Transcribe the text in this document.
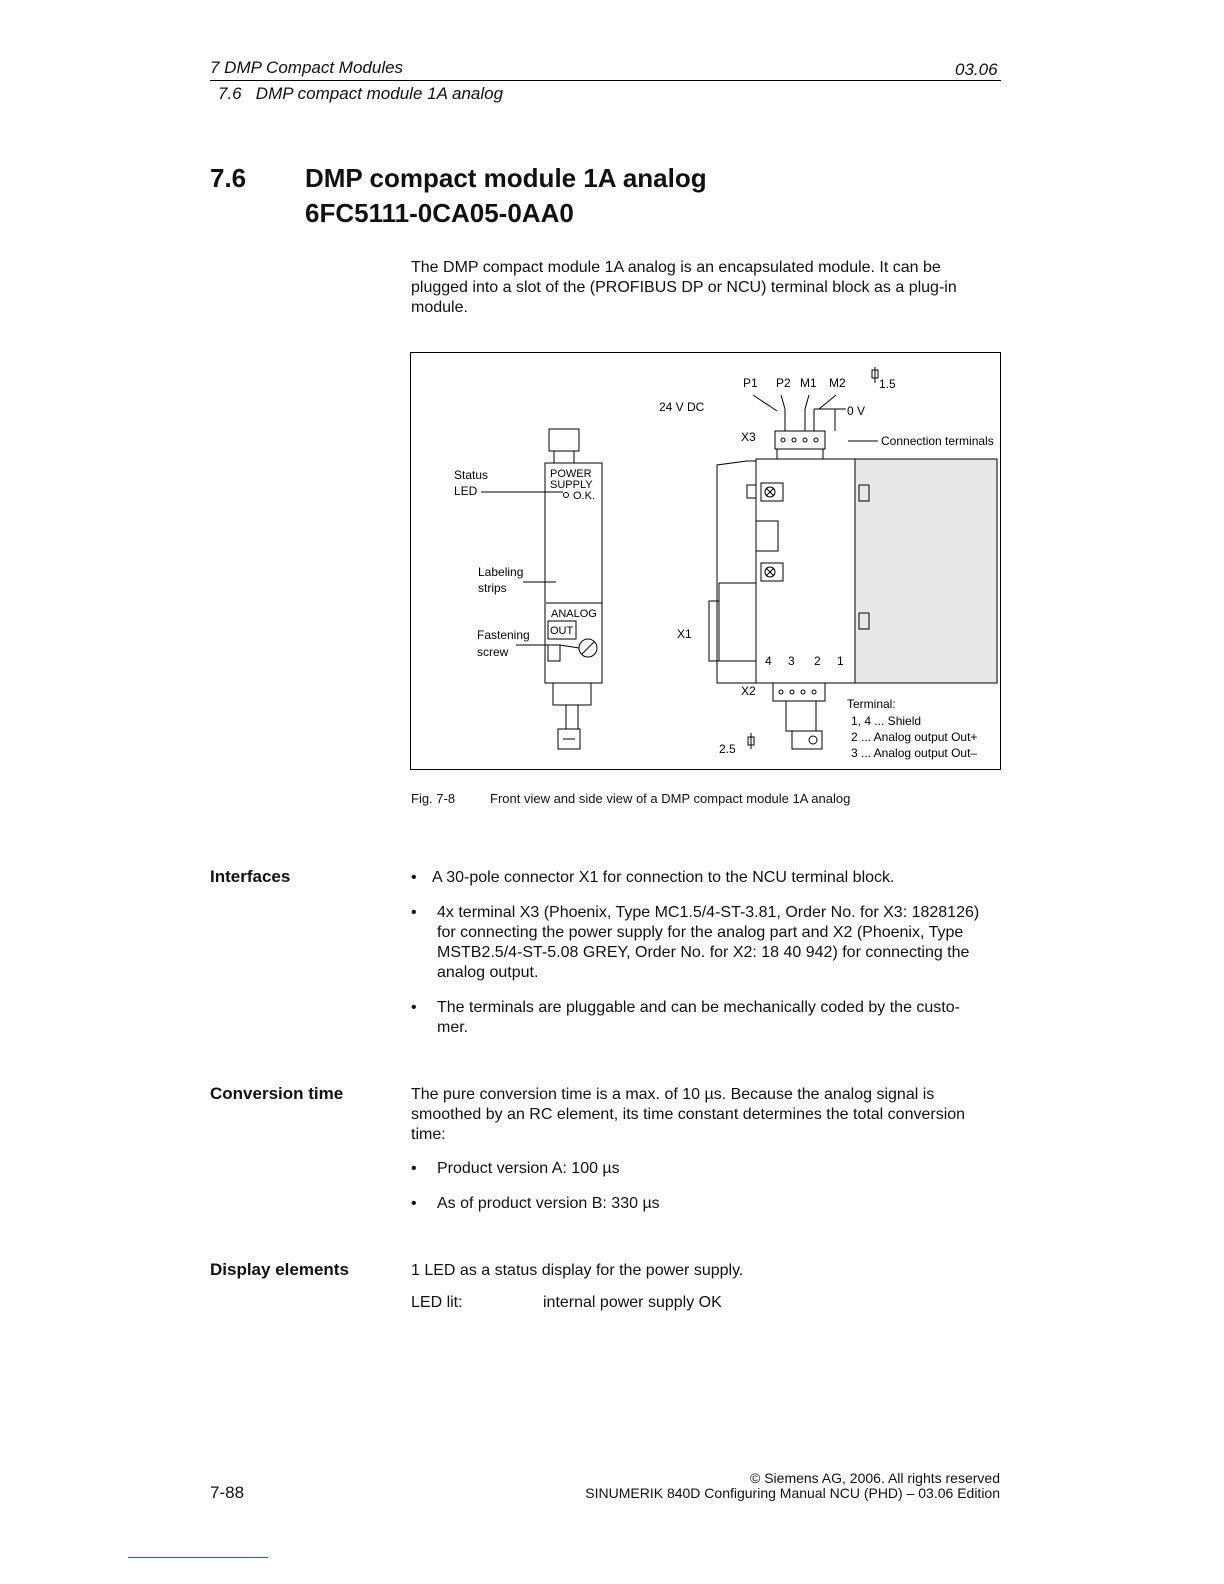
7 DMP Compact Modules	03.06
7.6   DMP compact module 1A analog
7.6 DMP compact module 1A analog
6FC5111-0CA05-0AA0
The DMP compact module 1A analog is an encapsulated module. It can be
plugged into a slot of the (PROFIBUS DP or NCU) terminal block as a plug-in
module.
POWER
SUPPLY
O.K.
Status
LED
Labeling
strips
ANALOG
OUT
Fastening
screw
P1 P2 M1 M2	1.5
24 V DC	0 V
X3	Connection terminals
X1
4 3 2 1
X2
2.5
Terminal:
1, 4 ... Shield
2 ... Analog output Out+
3 ... Analog output Out–
Fig. 7-8	Front view and side view of a DMP compact module 1A analog
Interfaces	• A 30-pole connector X1 for connection to the NCU terminal block.
• 4x terminal X3 (Phoenix, Type MC1.5/4-ST-3.81, Order No. for X3: 1828126)
for connecting the power supply for the analog part and X2 (Phoenix, Type
MSTB2.5/4-ST-5.08 GREY, Order No. for X2: 18 40 942) for connecting the
analog output.
• The terminals are pluggable and can be mechanically coded by the custo-
mer.
Conversion time	The pure conversion time is a max. of 10 µs. Because the analog signal is
smoothed by an RC element, its time constant determines the total conversion
time:
• Product version A: 100 µs
• As of product version B: 330 µs
Display elements	1 LED as a status display for the power supply.
LED lit:	internal power supply OK
7-88
© Siemens AG, 2006. All rights reserved
SINUMERIK 840D Configuring Manual NCU (PHD) – 03.06 Edition
